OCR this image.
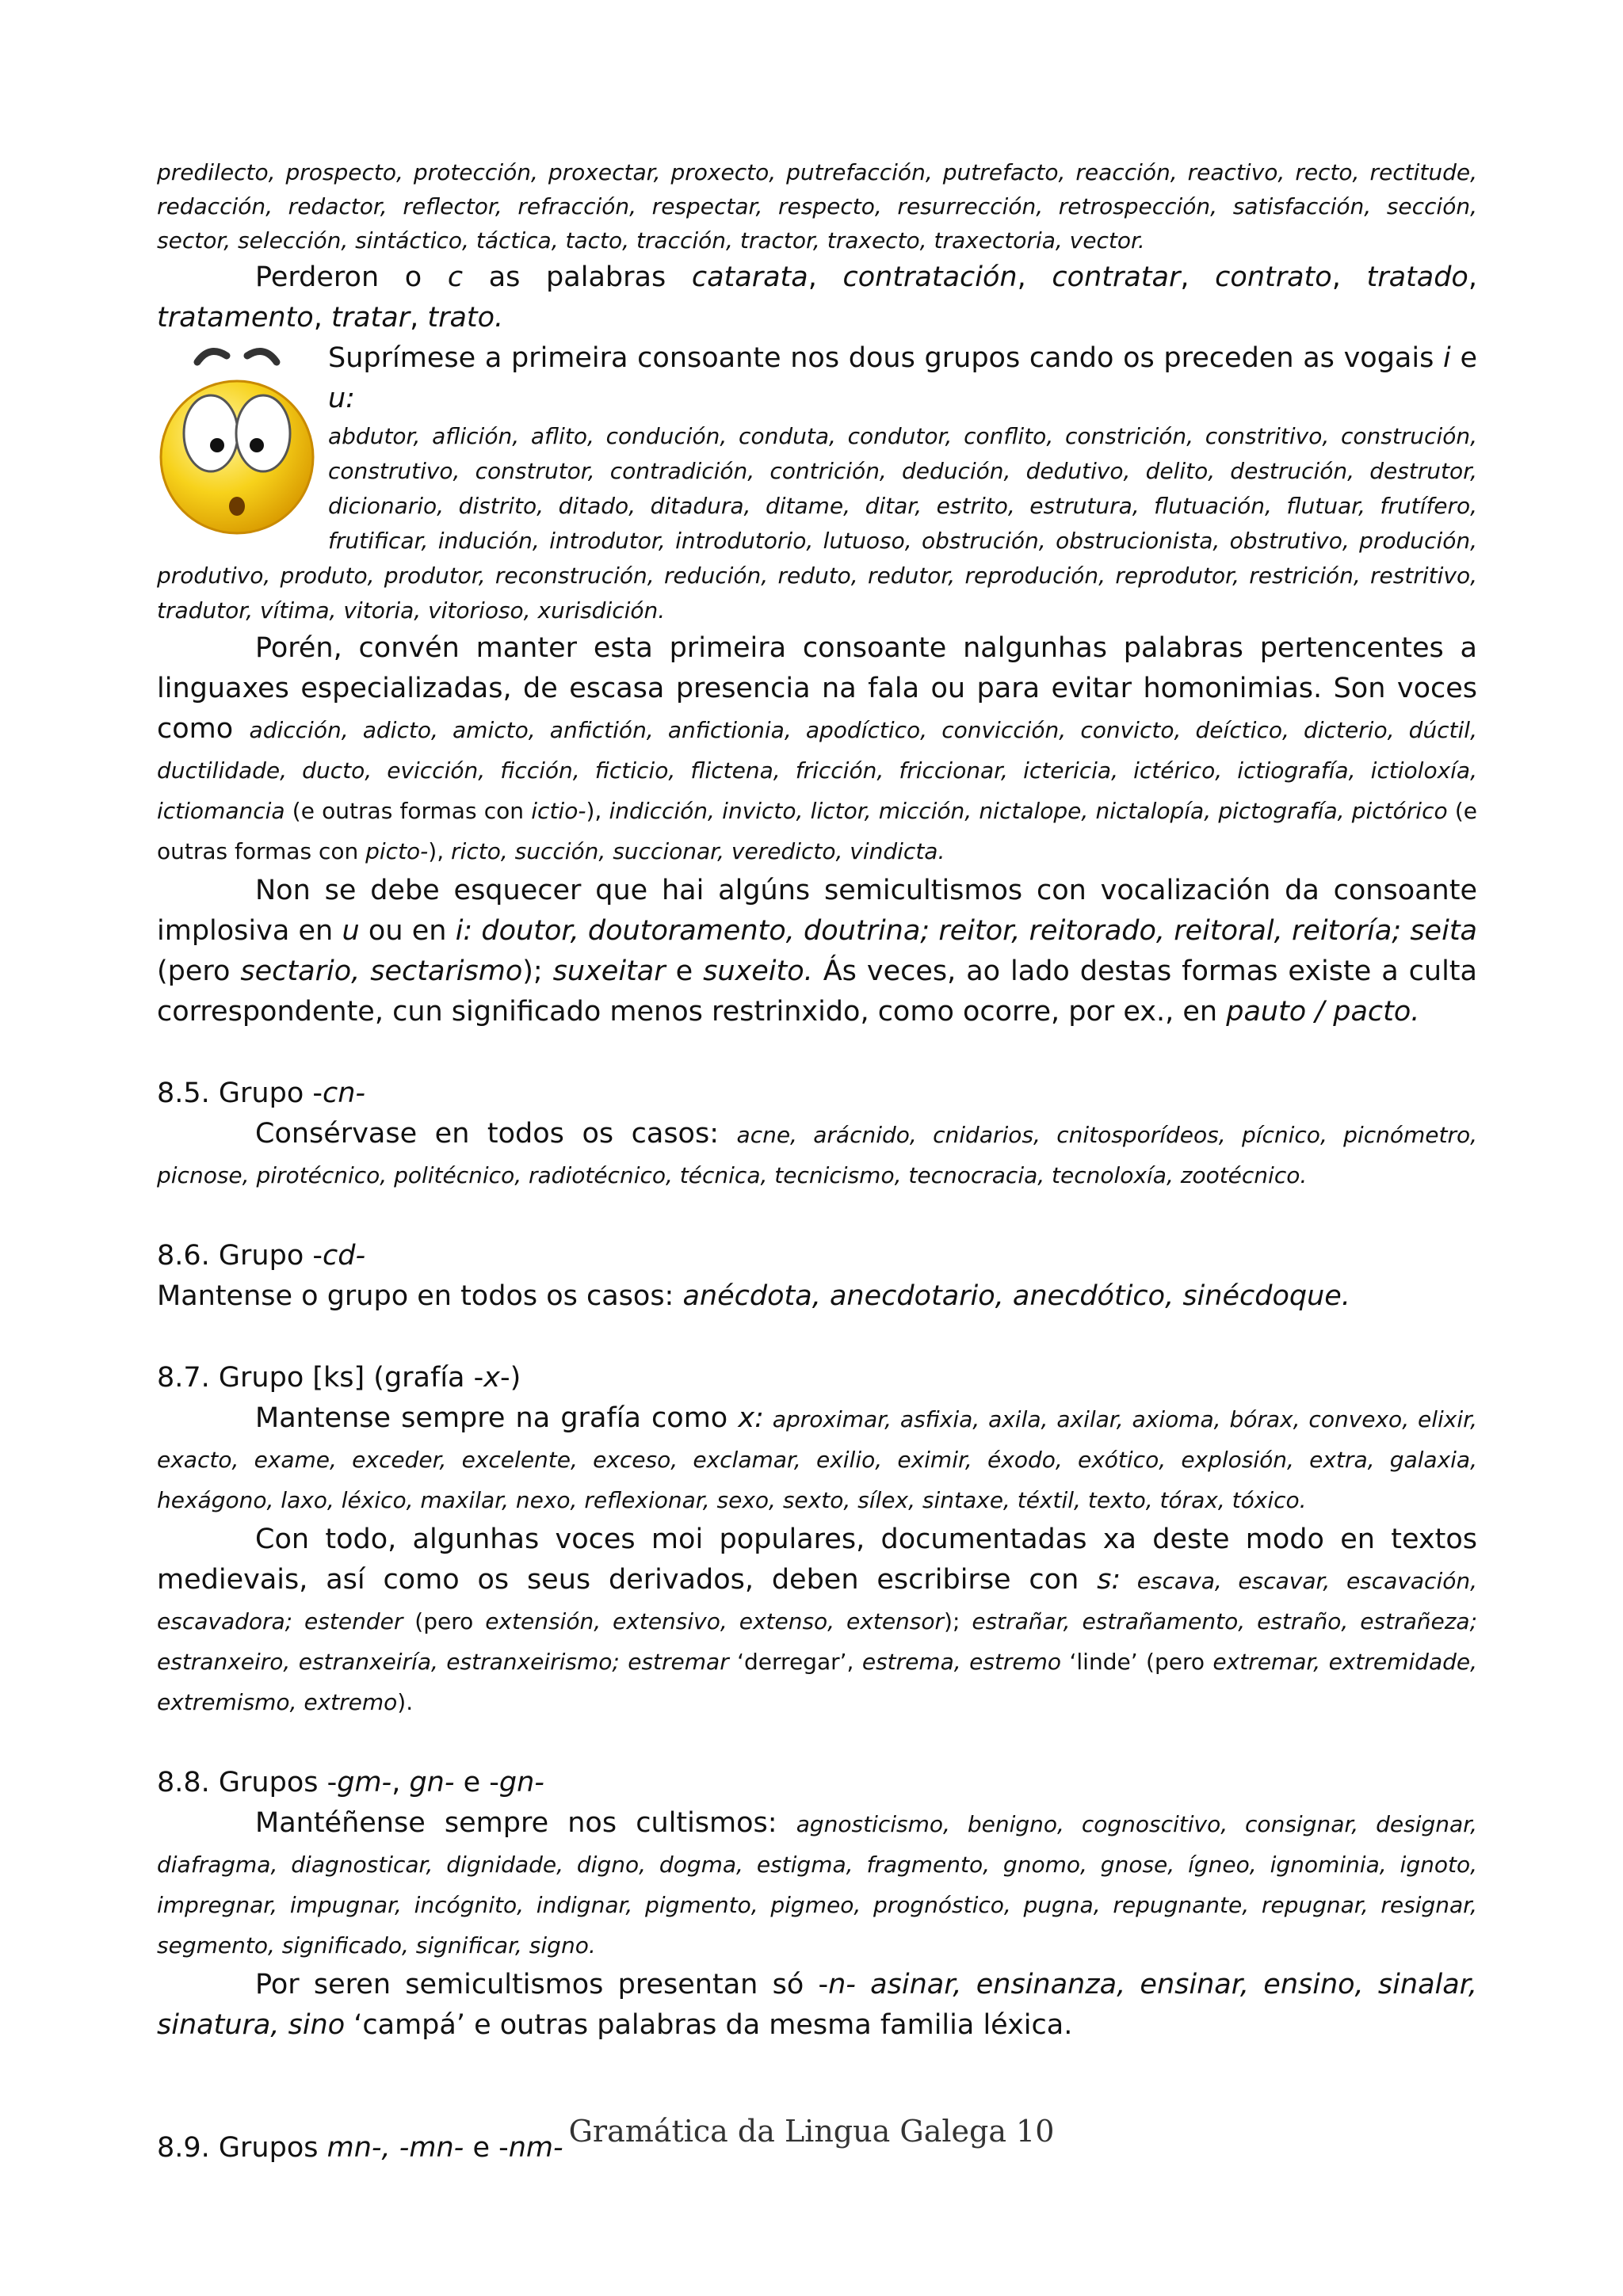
predilecto, prospecto, protección, proxectar, proxecto, putrefacción, putrefacto, reacción, reactivo, recto, rectitude, redacción, redactor, reflector, refracción, respectar, respecto, resurrección, retrospección, satisfacción, sección, sector, selección, sintáctico, táctica, tacto, tracción, tractor, traxecto, traxectoria, vector.

Perderon o c as palabras catarata, contratación, contratar, contrato, tratado, tratamento, tratar, trato.

Suprímese a primeira consoante nos dous grupos cando os preceden as vogais i e u:

abdutor, aflición, aflito, condución, conduta, condutor, conflito, constrición, constritivo, construción, construtivo, construtor, contradición, contrición, dedución, dedutivo, delito, destrución, destrutor, dicionario, distrito, ditado, ditadura, ditame, ditar, estrito, estrutura, flutuación, flutuar, frutífero, frutificar, indución, introdutor, introdutorio, lutuoso, obstrución, obstrucionista, obstrutivo, produción, produtivo, produto, produtor, reconstrución, redución, reduto, redutor, reprodución, reprodutor, restrición, restritivo, tradutor, vítima, vitoria, vitorioso, xurisdición.

Porén, convén manter esta primeira consoante nalgunhas palabras pertencentes a linguaxes especializadas, de escasa presencia na fala ou para evitar homonimias. Son voces como adicción, adicto, amicto, anfictión, anfictionia, apodíctico, convicción, convicto, deíctico, dicterio, dúctil, ductilidade, ducto, evicción, ficción, ficticio, flictena, fricción, friccionar, ictericia, ictérico, ictiografía, ictioloxía, ictiomancia (e outras formas con ictio-), indicción, invicto, lictor, micción, nictalope, nictalopía, pictografía, pictórico (e outras formas con picto-), ricto, succión, succionar, veredicto, vindicta.

Non se debe esquecer que hai algúns semicultismos con vocalización da consoante implosiva en u ou en i: doutor, doutoramento, doutrina; reitor, reitorado, reitoral, reitoría; seita (pero sectario, sectarismo); suxeitar e suxeito. Ás veces, ao lado destas formas existe a culta correspondente, cun significado menos restrinxido, como ocorre, por ex., en pauto / pacto.

8.5. Grupo -cn-

Consérvase en todos os casos: acne, arácnido, cnidarios, cnitosporídeos, pícnico, picnómetro, picnose, pirotécnico, politécnico, radiotécnico, técnica, tecnicismo, tecnocracia, tecnoloxía, zootécnico.

8.6. Grupo -cd-

Mantense o grupo en todos os casos: anécdota, anecdotario, anecdótico, sinécdoque.

8.7. Grupo [ks] (grafía -x-)

Mantense sempre na grafía como x: aproximar, asfixia, axila, axilar, axioma, bórax, convexo, elixir, exacto, exame, exceder, excelente, exceso, exclamar, exilio, eximir, éxodo, exótico, explosión, extra, galaxia, hexágono, laxo, léxico, maxilar, nexo, reflexionar, sexo, sexto, sílex, sintaxe, téxtil, texto, tórax, tóxico.

Con todo, algunhas voces moi populares, documentadas xa deste modo en textos medievais, así como os seus derivados, deben escribirse con s: escava, escavar, escavación, escavadora; estender (pero extensión, extensivo, extenso, extensor); estrañar, estrañamento, estraño, estrañeza; estranxeiro, estranxeiría, estranxeirismo; estremar ‘derregar’, estrema, estremo ‘linde’ (pero extremar, extremidade, extremismo, extremo).

8.8. Grupos -gm-, gn- e -gn-

Mantéñense sempre nos cultismos: agnosticismo, benigno, cognoscitivo, consignar, designar, diafragma, diagnosticar, dignidade, digno, dogma, estigma, fragmento, gnomo, gnose, ígneo, ignominia, ignoto, impregnar, impugnar, incógnito, indignar, pigmento, pigmeo, prognóstico, pugna, repugnante, repugnar, resignar, segmento, significado, significar, signo.

Por seren semicultismos presentan só -n- asinar, ensinanza, ensinar, ensino, sinalar, sinatura, sino ‘campá’ e outras palabras da mesma familia léxica.

8.9. Grupos mn-, -mn- e -nm- Gramática da Lingua Galega 10
